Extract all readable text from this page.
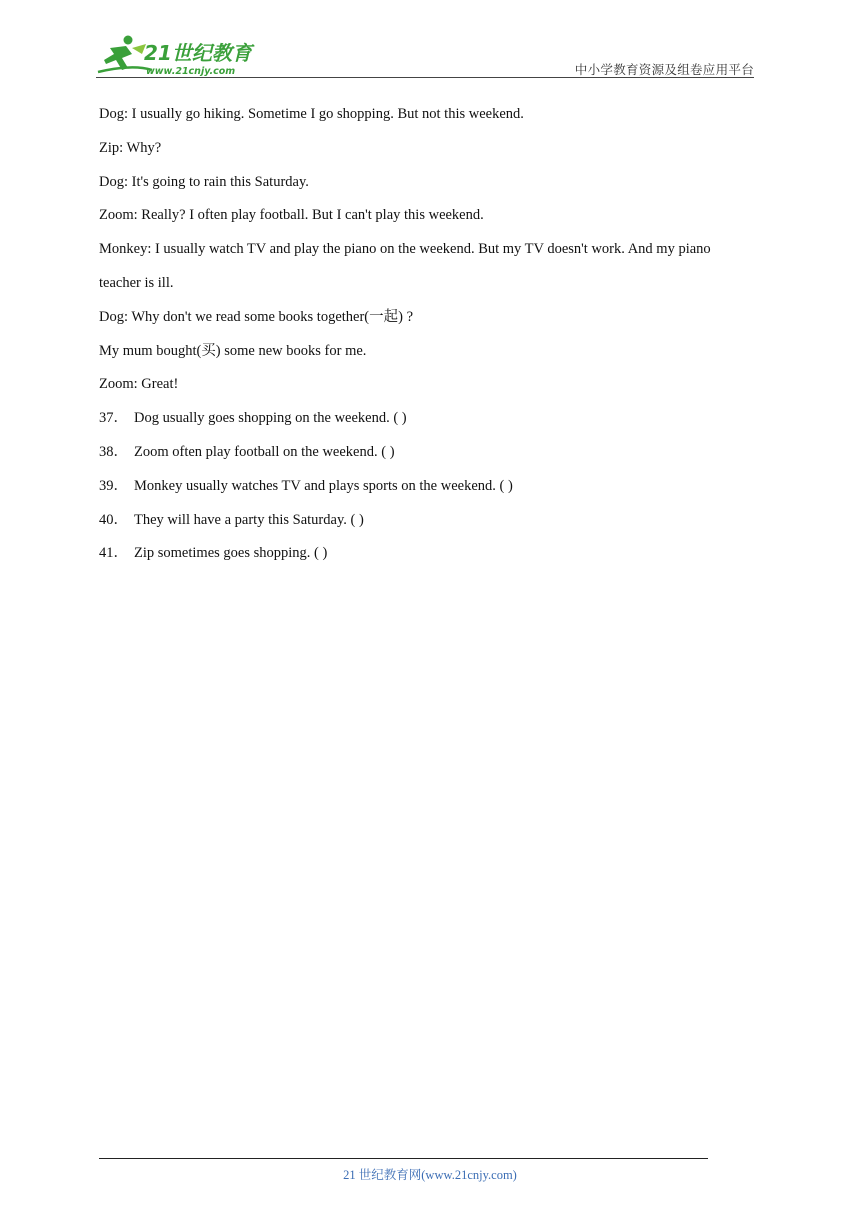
21世纪教育
www.21cnjy.com	中小学教育资源及组卷应用平台
Dog: I usually go hiking. Sometime I go shopping. But not this weekend.
Zip: Why?
Dog: It's going to rain this Saturday.
Zoom: Really? I often play football. But I can't play this weekend.
Monkey: I usually watch TV and play the piano on the weekend. But my TV doesn't work. And my piano
teacher is ill.
Dog: Why don't we read some books together(一起) ?
My mum bought(买) some new books for me.
Zoom: Great!
37． Dog usually goes shopping on the weekend. ( )
38． Zoom often play football on the weekend. ( )
39． Monkey usually watches TV and plays sports on the weekend. ( )
40． They will have a party this Saturday. ( )
41． Zip sometimes goes shopping. ( )
21 世纪教育网(www.21cnjy.com)
